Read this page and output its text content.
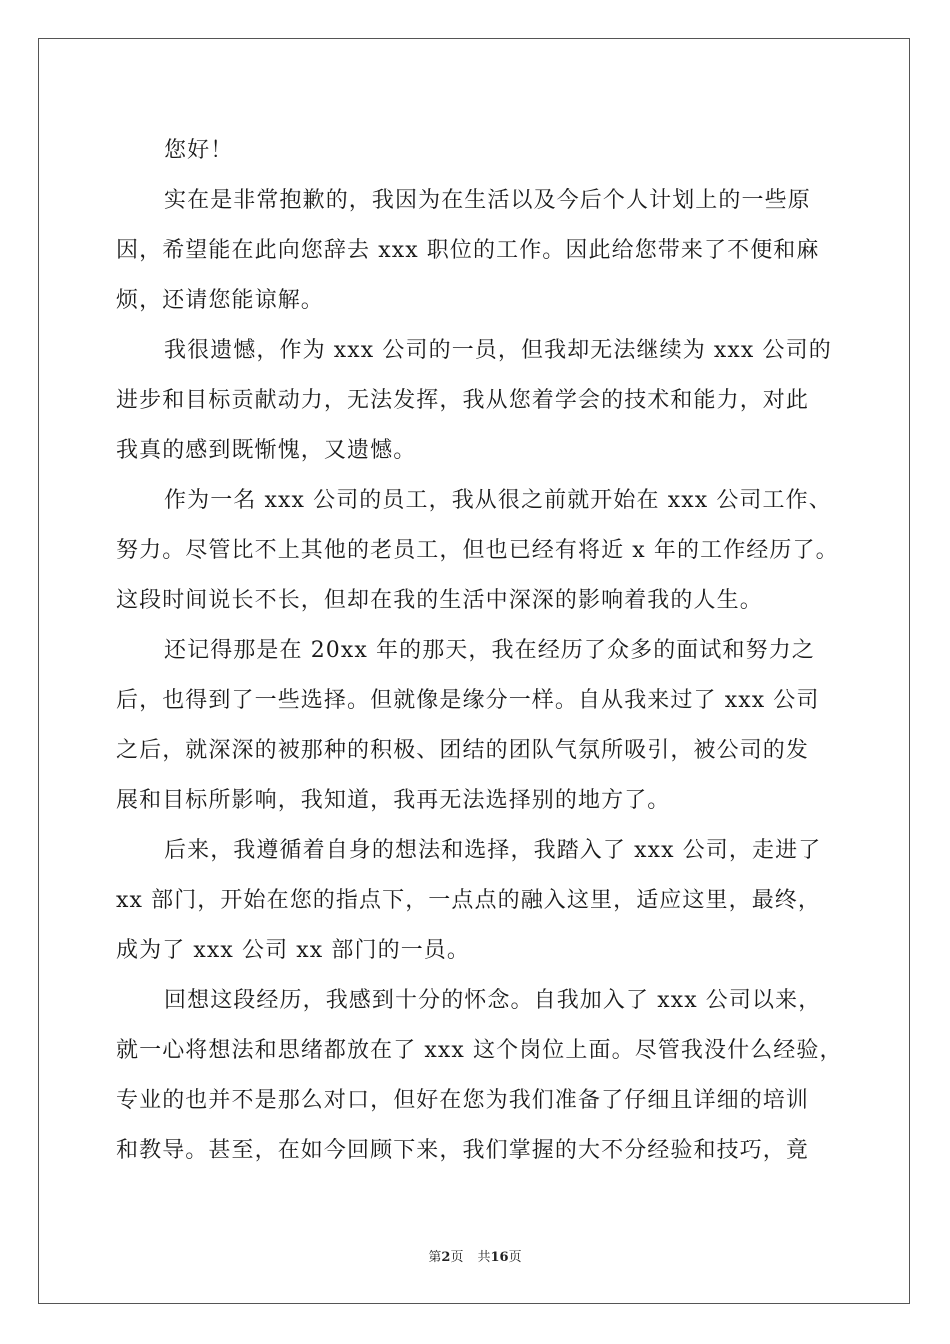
您好！
实在是非常抱歉的，我因为在生活以及今后个人计划上的一些原
因，希望能在此向您辞去 xxx 职位的工作。因此给您带来了不便和麻
烦，还请您能谅解。
我很遗憾，作为 xxx 公司的一员，但我却无法继续为 xxx 公司的
进步和目标贡献动力，无法发挥，我从您着学会的技术和能力，对此
我真的感到既惭愧，又遗憾。
作为一名 xxx 公司的员工，我从很之前就开始在 xxx 公司工作、
努力。尽管比不上其他的老员工，但也已经有将近 x 年的工作经历了。
这段时间说长不长，但却在我的生活中深深的影响着我的人生。
还记得那是在 20xx 年的那天，我在经历了众多的面试和努力之
后，也得到了一些选择。但就像是缘分一样。自从我来过了 xxx 公司
之后，就深深的被那种的积极、团结的团队气氛所吸引，被公司的发
展和目标所影响，我知道，我再无法选择别的地方了。
后来，我遵循着自身的想法和选择，我踏入了 xxx 公司，走进了
xx 部门，开始在您的指点下，一点点的融入这里，适应这里，最终，
成为了 xxx 公司 xx 部门的一员。
回想这段经历，我感到十分的怀念。自我加入了 xxx 公司以来，
就一心将想法和思绪都放在了 xxx 这个岗位上面。尽管我没什么经验，
专业的也并不是那么对口，但好在您为我们准备了仔细且详细的培训
和教导。甚至，在如今回顾下来，我们掌握的大不分经验和技巧，竟
第2页 共16页
